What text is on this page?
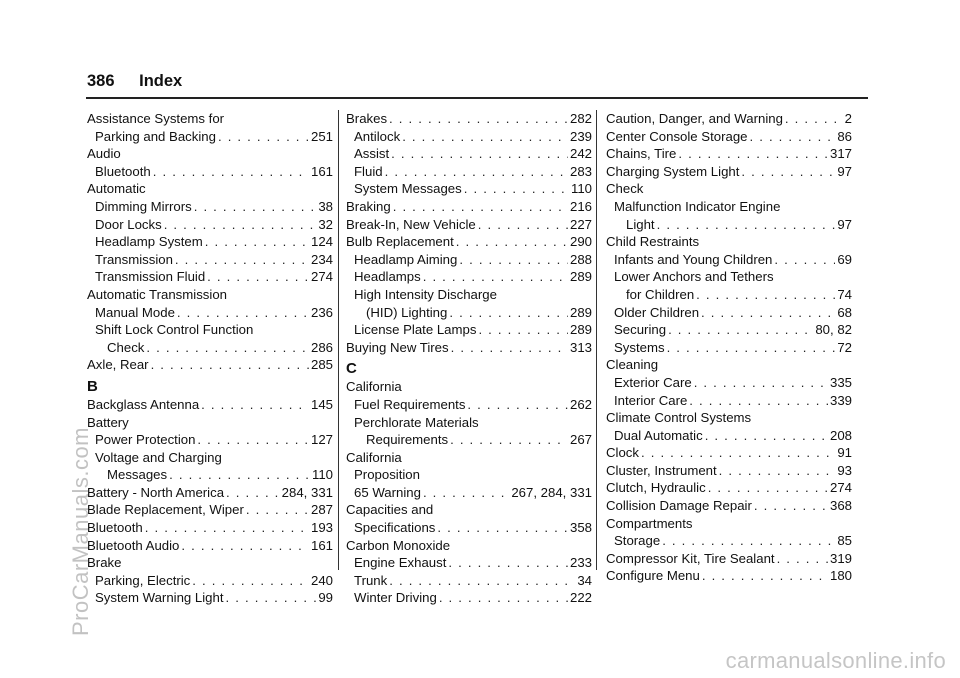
386 Index
Assistance Systems for
Parking and Backing . . .	251
Audio
Bluetooth . . .	161
Automatic
Dimming Mirrors . . .	38
Door Locks . . .	32
Headlamp System . . .	124
Transmission . . .	234
Transmission Fluid . . .	274
Automatic Transmission
Manual Mode . . .	236
Shift Lock Control Function
Check . . .	286
Axle, Rear . . .	285
B
Backglass Antenna . . .	145
Battery
Power Protection . . .	127
Voltage and Charging
Messages . . .	110
Battery - North America . . .	284, 331
Blade Replacement, Wiper . . .	287
Bluetooth . . .	193
Bluetooth Audio . . .	161
Brake
Parking, Electric . . .	240
System Warning Light . . .	99
Brakes . . .	282
Antilock . . .	239
Assist . . .	242
Fluid . . .	283
System Messages . . .	110
Braking . . .	216
Break-In, New Vehicle . . .	227
Bulb Replacement . . .	290
Headlamp Aiming . . .	288
Headlamps . . .	289
High Intensity Discharge
(HID) Lighting . . .	289
License Plate Lamps . . .	289
Buying New Tires . . .	313
C
California
Fuel Requirements . . .	262
Perchlorate Materials
Requirements . . .	267
California
Proposition
65 Warning . . .	267, 284, 331
Capacities and
Specifications . . .	358
Carbon Monoxide
Engine Exhaust . . .	233
Trunk . . .	34
Winter Driving . . .	222
Caution, Danger, and Warning . . .	2
Center Console Storage . . .	86
Chains, Tire . . .	317
Charging System Light . . .	97
Check
Malfunction Indicator Engine
Light . . .	97
Child Restraints
Infants and Young Children . . .	69
Lower Anchors and Tethers
for Children . . .	74
Older Children . . .	68
Securing . . .	80, 82
Systems . . .	72
Cleaning
Exterior Care . . .	335
Interior Care . . .	339
Climate Control Systems
Dual Automatic . . .	208
Clock . . .	91
Cluster, Instrument . . .	93
Clutch, Hydraulic . . .	274
Collision Damage Repair . . .	368
Compartments
Storage . . .	85
Compressor Kit, Tire Sealant . . .	319
Configure Menu . . .	180
ProCarManuals.com
carmanualsonline.info
